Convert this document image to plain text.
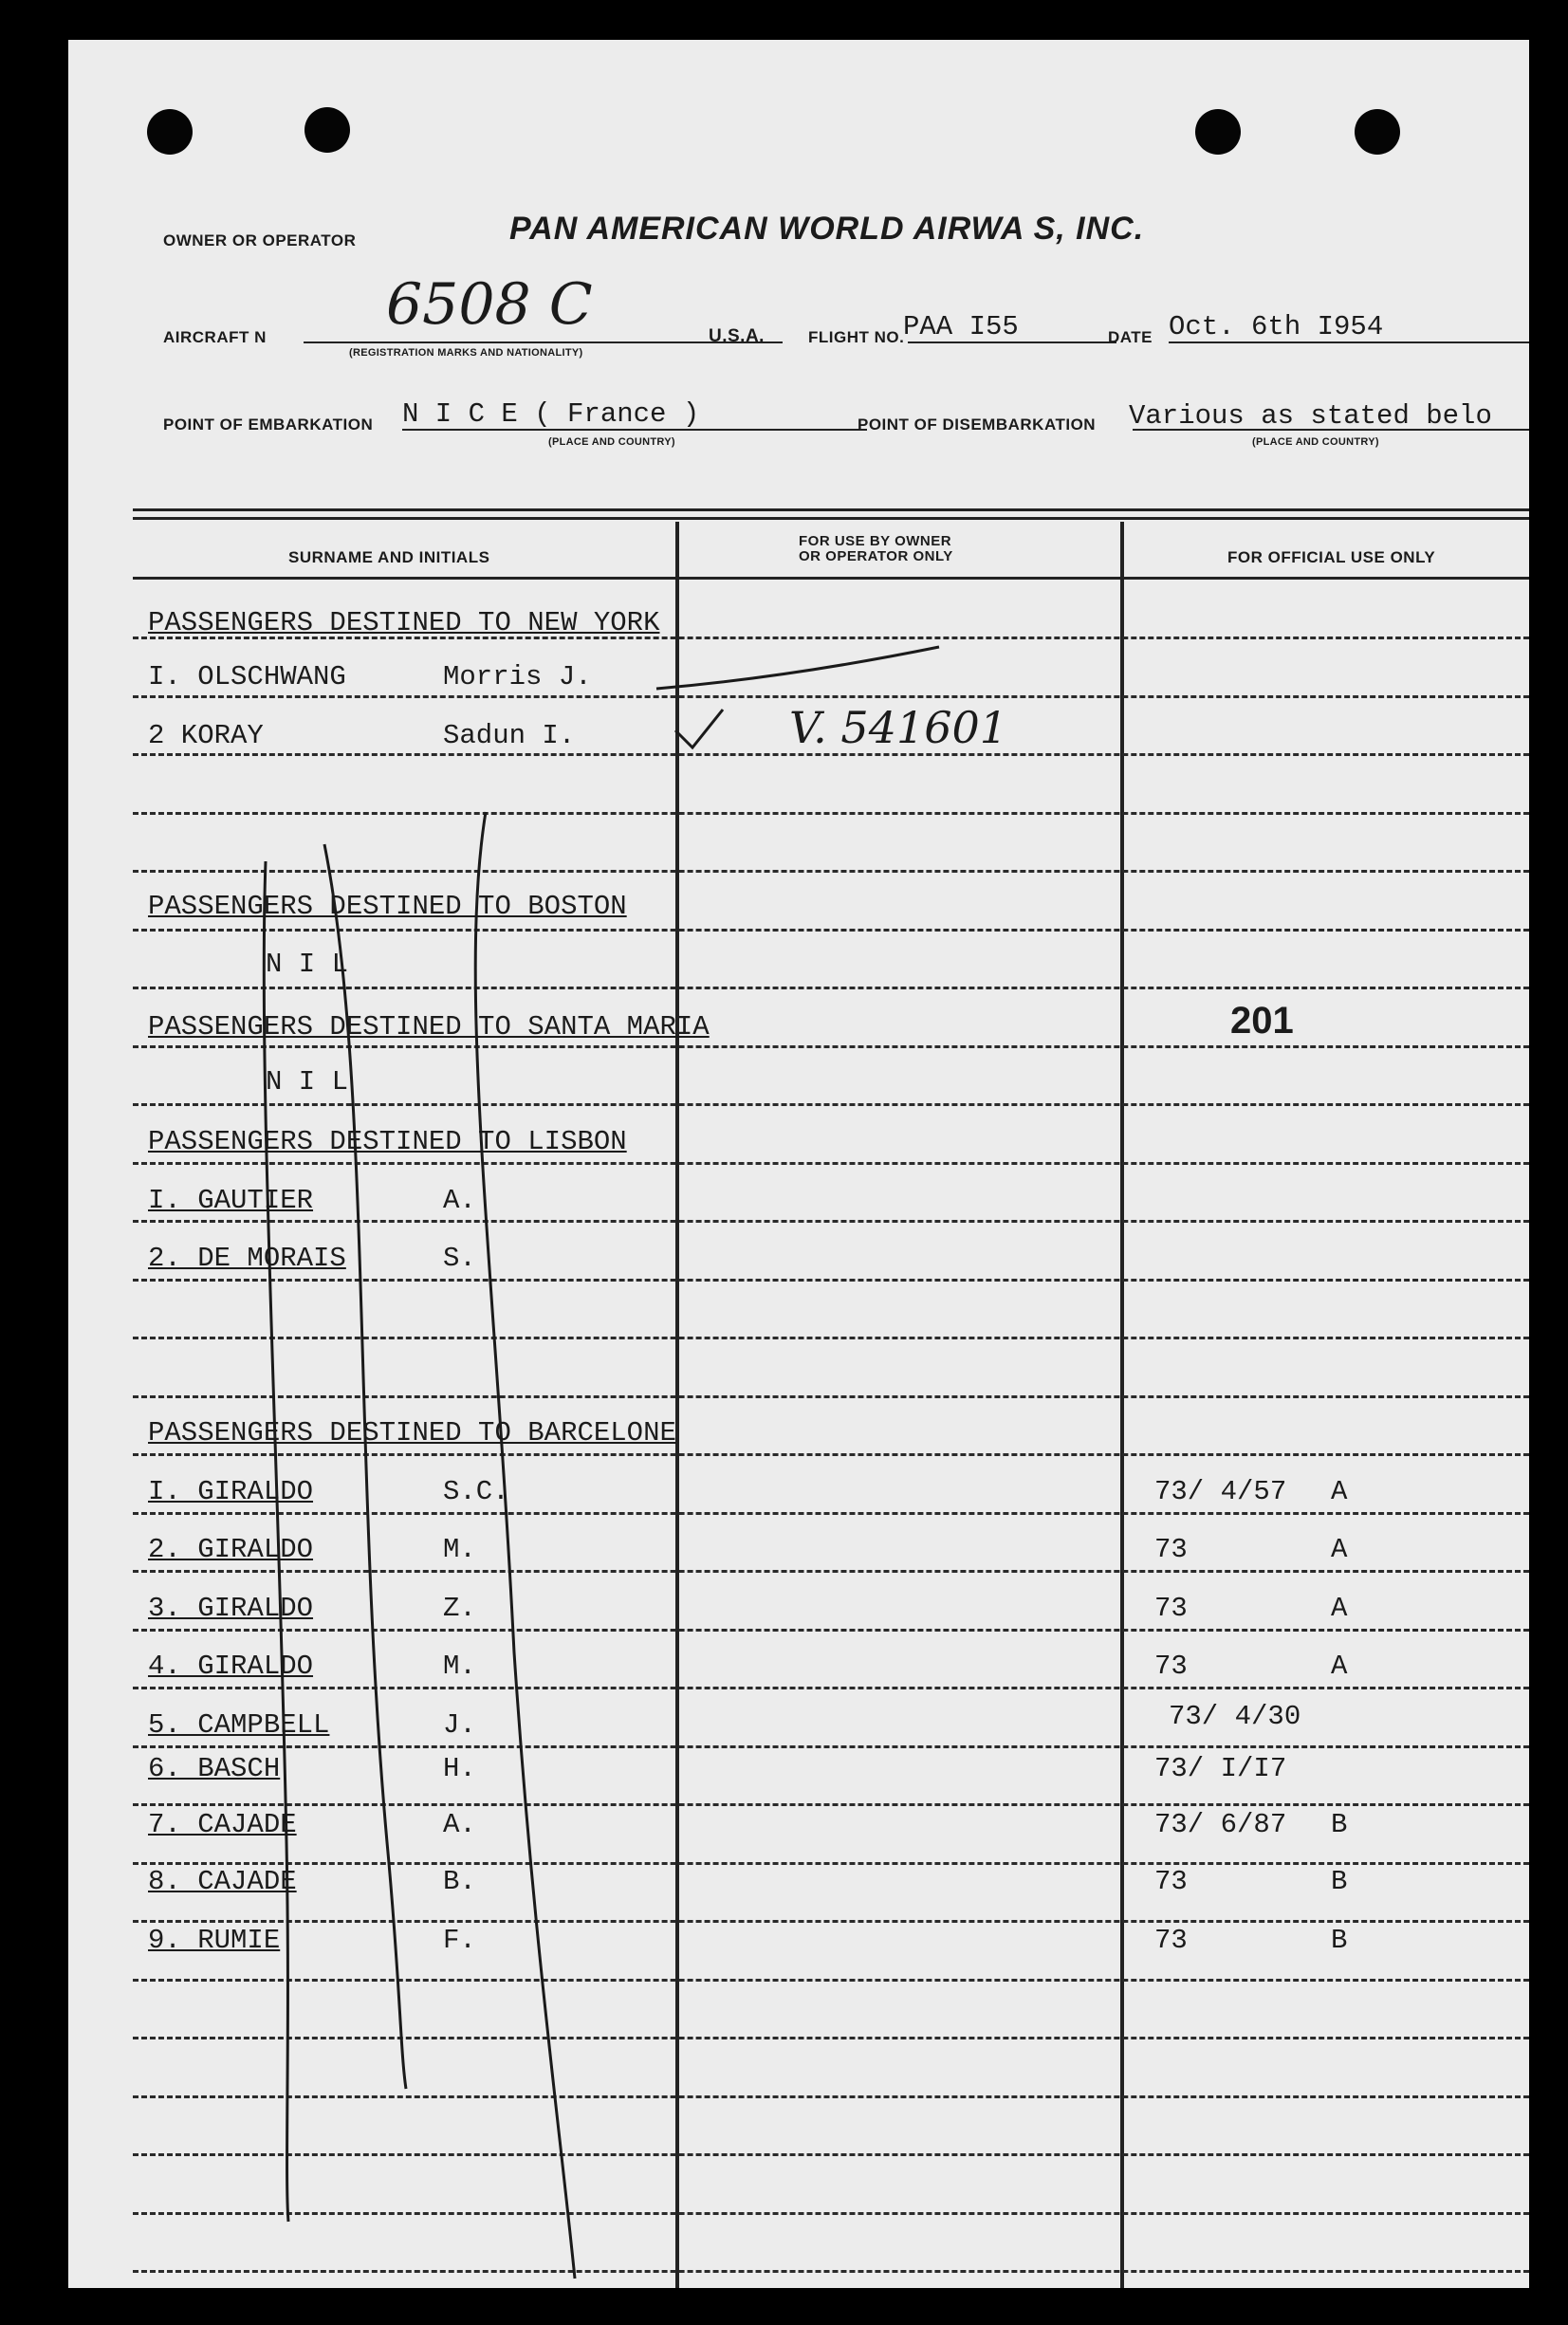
OWNER OR OPERATOR	PAN AMERICAN WORLD AIRWA S, INC.
AIRCRAFT N 6508 C
(REGISTRATION MARKS AND NATIONALITY)
U.S.A.	FLIGHT NO.
PAA I55	DATE Oct. 6th I954
POINT OF EMBARKATION N I C E ( France )
(PLACE AND COUNTRY)
POINT OF DISEMBARKATION Various as stated belo
(PLACE AND COUNTRY)
SURNAME AND INITIALS
FOR USE BY OWNER
OR OPERATOR ONLY	FOR OFFICIAL USE ONLY
PASSENGERS DESTINED TO NEW YORK
I. OLSCHWANG	Morris J.
2 KORAY	Sadun I.	V. 541601
PASSENGERS DESTINED TO BOSTON
N I L
PASSENGERS DESTINED TO SANTA MARIA	201
N I L
PASSENGERS DESTINED TO LISBON
I. GAUTIER	A.
2. DE MORAIS	S.
PASSENGERS DESTINED TO BARCELONE
I. GIRALDO	S.C.	73/ 4/57 A
2. GIRALDO	M.	73	A
3. GIRALDO	Z.	73	A
4. GIRALDO	M.	73	A
5. CAMPBELL	J.	73/ 4/30
6. BASCH	H.	73/ I/I7
7. CAJADE	A.	73/ 6/87 B
8. CAJADE	B.	73	B
9. RUMIE	F.	73	B
